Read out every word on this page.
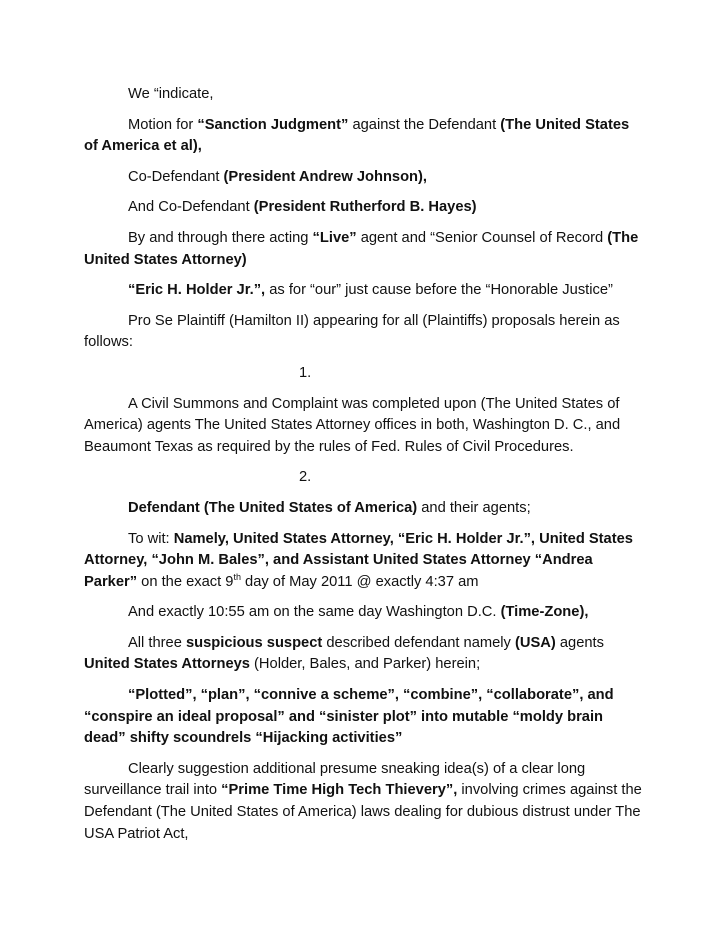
We “indicate,

Motion for “Sanction Judgment” against the Defendant (The United States of America et al),

Co-Defendant (President Andrew Johnson),

And Co-Defendant (President Rutherford B. Hayes)

By and through there acting “Live” agent and “Senior Counsel of Record (The United States Attorney)

“Eric H. Holder Jr.”, as for “our” just cause before the “Honorable Justice”

Pro Se Plaintiff (Hamilton II) appearing for all (Plaintiffs) proposals herein as follows:

1.

A Civil Summons and Complaint was completed upon (The United States of America) agents The United States Attorney offices in both, Washington D. C., and Beaumont Texas as required by the rules of Fed. Rules of Civil Procedures.

2.

Defendant (The United States of America) and their agents;

To wit: Namely, United States Attorney, “Eric H. Holder Jr.”, United States Attorney, “John M. Bales”, and Assistant United States Attorney “Andrea Parker” on the exact 9th day of May 2011 @ exactly 4:37 am

And exactly 10:55 am on the same day Washington D.C. (Time-Zone),

All three suspicious suspect described defendant namely (USA) agents United States Attorneys (Holder, Bales, and Parker) herein;

“Plotted”, “plan”, “connive a scheme”, “combine”, “collaborate”, and “conspire an ideal proposal” and “sinister plot” into mutable “moldy brain dead” shifty scoundrels “Hijacking activities”

Clearly suggestion additional presume sneaking idea(s) of a clear long surveillance trail into “Prime Time High Tech Thievery”, involving crimes against the Defendant (The United States of America) laws dealing for dubious distrust under The USA Patriot Act,
